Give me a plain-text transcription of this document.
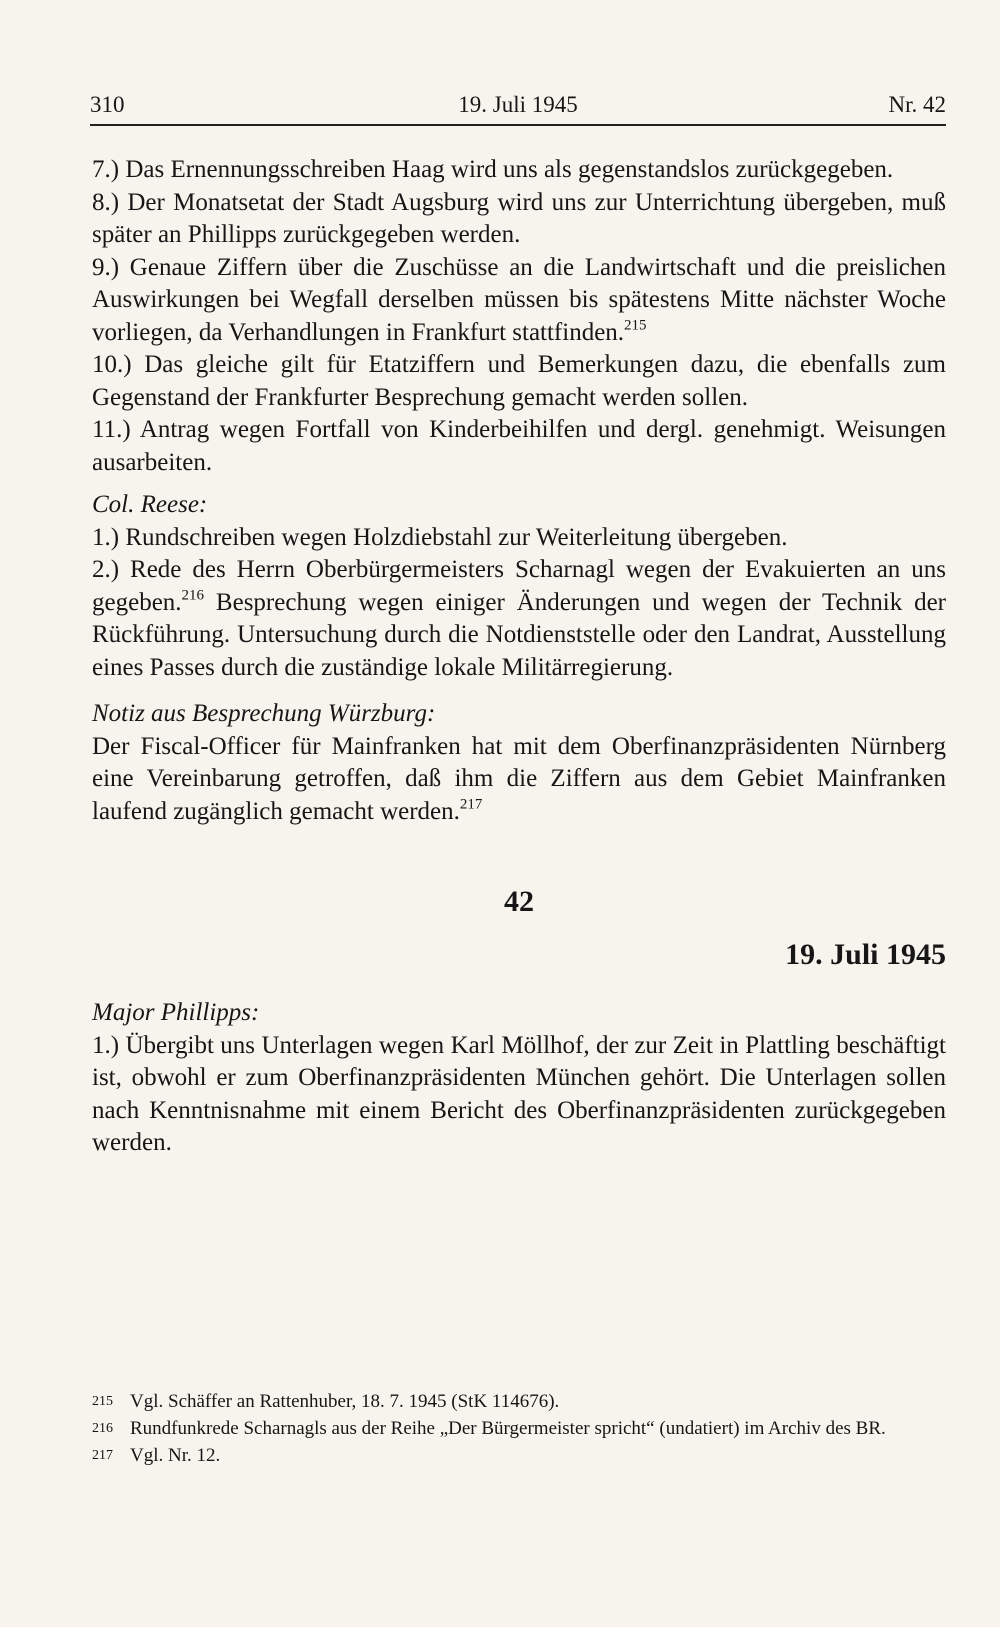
310	19. Juli 1945	Nr. 42

7.) Das Ernennungsschreiben Haag wird uns als gegenstandslos zurückgegeben.

8.) Der Monatsetat der Stadt Augsburg wird uns zur Unterrichtung übergeben, muß später an Phillipps zurückgegeben werden.

9.) Genaue Ziffern über die Zuschüsse an die Landwirtschaft und die preislichen Auswirkungen bei Wegfall derselben müssen bis spätestens Mitte nächster Woche vorliegen, da Verhandlungen in Frankfurt stattfinden.$^{215}$

10.) Das gleiche gilt für Etatziffern und Bemerkungen dazu, die ebenfalls zum Gegenstand der Frankfurter Besprechung gemacht werden sollen.

11.) Antrag wegen Fortfall von Kinderbeihilfen und dergl. genehmigt. Weisungen ausarbeiten.

Col. Reese:

1.) Rundschreiben wegen Holzdiebstahl zur Weiterleitung übergeben.

2.) Rede des Herrn Oberbürgermeisters Scharnagl wegen der Evakuierten an uns gegeben.$^{216}$ Besprechung wegen einiger Änderungen und wegen der Technik der Rückführung. Untersuchung durch die Notdienststelle oder den Landrat, Ausstellung eines Passes durch die zuständige lokale Militärregierung.

Notiz aus Besprechung Würzburg:

Der Fiscal-Officer für Mainfranken hat mit dem Oberfinanzpräsidenten Nürnberg eine Vereinbarung getroffen, daß ihm die Ziffern aus dem Gebiet Mainfranken laufend zugänglich gemacht werden.$^{217}$

42

19. Juli 1945

Major Phillipps:

1.) Übergibt uns Unterlagen wegen Karl Möllhof, der zur Zeit in Plattling beschäftigt ist, obwohl er zum Oberfinanzpräsidenten München gehört. Die Unterlagen sollen nach Kenntnisnahme mit einem Bericht des Oberfinanzpräsidenten zurückgegeben werden.

215 Vgl. Schäffer an Rattenhuber, 18. 7. 1945 (StK 114676).
216 Rundfunkrede Scharnagls aus der Reihe „Der Bürgermeister spricht“ (undatiert) im Archiv des BR.
217 Vgl. Nr. 12.
